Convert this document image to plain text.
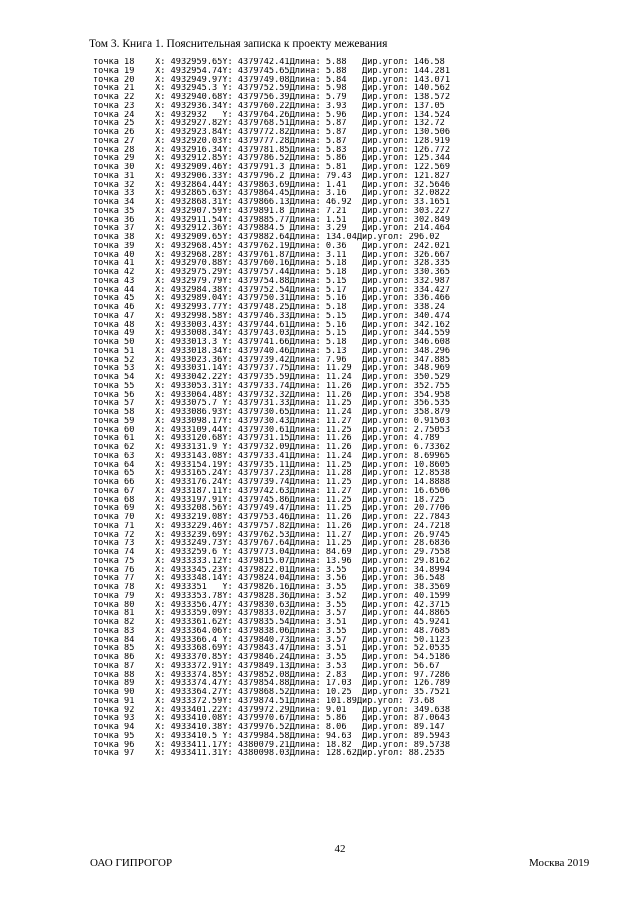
Том 3. Книга 1. Пояснительная записка к проекту межевания
точка 18    X: 4932959.65Y: 4379742.41Длина: 5.88   Дир.угол: 146.58
точка 19    X: 4932954.74Y: 4379745.65Длина: 5.88   Дир.угол: 144.281
точка 20    X: 4932949.97Y: 4379749.08Длина: 5.84   Дир.угол: 143.071
точка 21    X: 4932945.3 Y: 4379752.59Длина: 5.98   Дир.угол: 140.562
точка 22    X: 4932940.68Y: 4379756.39Длина: 5.79   Дир.угол: 138.572
точка 23    X: 4932936.34Y: 4379760.22Длина: 3.93   Дир.угол: 137.05
точка 24    X: 4932932   Y: 4379764.26Длина: 5.96   Дир.угол: 134.524
точка 25    X: 4932927.82Y: 4379768.51Длина: 5.87   Дир.угол: 132.72
точка 26    X: 4932923.84Y: 4379772.82Длина: 5.87   Дир.угол: 130.506
точка 27    X: 4932920.03Y: 4379777.28Длина: 5.87   Дир.угол: 128.919
точка 28    X: 4932916.34Y: 4379781.85Длина: 5.83   Дир.угол: 126.772
точка 29    X: 4932912.85Y: 4379786.52Длина: 5.86   Дир.угол: 125.344
точка 30    X: 4932909.46Y: 4379791.3 Длина: 5.81   Дир.угол: 122.569
точка 31    X: 4932906.33Y: 4379796.2 Длина: 79.43  Дир.угол: 121.827
точка 32    X: 4932864.44Y: 4379863.69Длина: 1.41   Дир.угол: 32.5646
точка 33    X: 4932865.63Y: 4379864.45Длина: 3.16   Дир.угол: 32.0822
точка 34    X: 4932868.31Y: 4379866.13Длина: 46.92  Дир.угол: 33.1651
точка 35    X: 4932907.59Y: 4379891.8 Длина: 7.21   Дир.угол: 303.227
точка 36    X: 4932911.54Y: 4379885.77Длина: 1.51   Дир.угол: 302.849
точка 37    X: 4932912.36Y: 4379884.5 Длина: 3.29   Дир.угол: 214.464
точка 38    X: 4932909.65Y: 4379882.64Длина: 134.04Дир.угол: 296.02
точка 39    X: 4932968.45Y: 4379762.19Длина: 0.36   Дир.угол: 242.021
точка 40    X: 4932968.28Y: 4379761.87Длина: 3.11   Дир.угол: 326.667
точка 41    X: 4932970.88Y: 4379760.16Длина: 5.18   Дир.угол: 328.335
точка 42    X: 4932975.29Y: 4379757.44Длина: 5.18   Дир.угол: 330.365
точка 43    X: 4932979.79Y: 4379754.88Длина: 5.15   Дир.угол: 332.987
точка 44    X: 4932984.38Y: 4379752.54Длина: 5.17   Дир.угол: 334.427
точка 45    X: 4932989.04Y: 4379750.31Длина: 5.16   Дир.угол: 336.466
точка 46    X: 4932993.77Y: 4379748.25Длина: 5.18   Дир.угол: 338.24
точка 47    X: 4932998.58Y: 4379746.33Длина: 5.15   Дир.угол: 340.474
точка 48    X: 4933003.43Y: 4379744.61Длина: 5.16   Дир.угол: 342.162
точка 49    X: 4933008.34Y: 4379743.03Длина: 5.15   Дир.угол: 344.559
точка 50    X: 4933013.3 Y: 4379741.66Длина: 5.18   Дир.угол: 346.608
точка 51    X: 4933018.34Y: 4379740.46Длина: 5.13   Дир.угол: 348.296
точка 52    X: 4933023.36Y: 4379739.42Длина: 7.96   Дир.угол: 347.885
точка 53    X: 4933031.14Y: 4379737.75Длина: 11.29  Дир.угол: 348.969
точка 54    X: 4933042.22Y: 4379735.59Длина: 11.24  Дир.угол: 350.529
точка 55    X: 4933053.31Y: 4379733.74Длина: 11.26  Дир.угол: 352.755
точка 56    X: 4933064.48Y: 4379732.32Длина: 11.26  Дир.угол: 354.958
точка 57    X: 4933075.7 Y: 4379731.33Длина: 11.25  Дир.угол: 356.535
точка 58    X: 4933086.93Y: 4379730.65Длина: 11.24  Дир.угол: 358.879
точка 59    X: 4933098.17Y: 4379730.43Длина: 11.27  Дир.угол: 0.91503
точка 60    X: 4933109.44Y: 4379730.61Длина: 11.25  Дир.угол: 2.75053
точка 61    X: 4933120.68Y: 4379731.15Длина: 11.26  Дир.угол: 4.789
точка 62    X: 4933131.9 Y: 4379732.09Длина: 11.26  Дир.угол: 6.73362
точка 63    X: 4933143.08Y: 4379733.41Длина: 11.24  Дир.угол: 8.69965
точка 64    X: 4933154.19Y: 4379735.11Длина: 11.25  Дир.угол: 10.8605
точка 65    X: 4933165.24Y: 4379737.23Длина: 11.28  Дир.угол: 12.8538
точка 66    X: 4933176.24Y: 4379739.74Длина: 11.25  Дир.угол: 14.8888
точка 67    X: 4933187.11Y: 4379742.63Длина: 11.27  Дир.угол: 16.6506
точка 68    X: 4933197.91Y: 4379745.86Длина: 11.25  Дир.угол: 18.725
точка 69    X: 4933208.56Y: 4379749.47Длина: 11.25  Дир.угол: 20.7706
точка 70    X: 4933219.08Y: 4379753.46Длина: 11.26  Дир.угол: 22.7843
точка 71    X: 4933229.46Y: 4379757.82Длина: 11.26  Дир.угол: 24.7218
точка 72    X: 4933239.69Y: 4379762.53Длина: 11.27  Дир.угол: 26.9745
точка 73    X: 4933249.73Y: 4379767.64Длина: 11.25  Дир.угол: 28.6836
точка 74    X: 4933259.6 Y: 4379773.04Длина: 84.69  Дир.угол: 29.7558
точка 75    X: 4933333.12Y: 4379815.07Длина: 13.96  Дир.угол: 29.8162
точка 76    X: 4933345.23Y: 4379822.01Длина: 3.55   Дир.угол: 34.8994
точка 77    X: 4933348.14Y: 4379824.04Длина: 3.56   Дир.угол: 36.548
точка 78    X: 4933351   Y: 4379826.16Длина: 3.55   Дир.угол: 38.3569
точка 79    X: 4933353.78Y: 4379828.36Длина: 3.52   Дир.угол: 40.1599
точка 80    X: 4933356.47Y: 4379830.63Длина: 3.55   Дир.угол: 42.3715
точка 81    X: 4933359.09Y: 4379833.02Длина: 3.57   Дир.угол: 44.8865
точка 82    X: 4933361.62Y: 4379835.54Длина: 3.51   Дир.угол: 45.9241
точка 83    X: 4933364.06Y: 4379838.06Длина: 3.55   Дир.угол: 48.7685
точка 84    X: 4933366.4 Y: 4379840.73Длина: 3.57   Дир.угол: 50.1123
точка 85    X: 4933368.69Y: 4379843.47Длина: 3.51   Дир.угол: 52.0535
точка 86    X: 4933370.85Y: 4379846.24Длина: 3.55   Дир.угол: 54.5186
точка 87    X: 4933372.91Y: 4379849.13Длина: 3.53   Дир.угол: 56.67
точка 88    X: 4933374.85Y: 4379852.08Длина: 2.83   Дир.угол: 97.7286
точка 89    X: 4933374.47Y: 4379854.88Длина: 17.03  Дир.угол: 126.789
точка 90    X: 4933364.27Y: 4379868.52Длина: 10.25  Дир.угол: 35.7521
точка 91    X: 4933372.59Y: 4379874.51Длина: 101.89Дир.угол: 73.68
точка 92    X: 4933401.22Y: 4379972.29Длина: 9.01   Дир.угол: 349.638
точка 93    X: 4933410.08Y: 4379970.67Длина: 5.86   Дир.угол: 87.0643
точка 94    X: 4933410.38Y: 4379976.52Длина: 8.06   Дир.угол: 89.147
точка 95    X: 4933410.5 Y: 4379984.58Длина: 94.63  Дир.угол: 89.5943
точка 96    X: 4933411.17Y: 4380079.21Длина: 18.82  Дир.угол: 89.5738
точка 97    X: 4933411.31Y: 4380098.03Длина: 128.62Дир.угол: 88.2535
42
ОАО ГИПРОГОР	Москва 2019
